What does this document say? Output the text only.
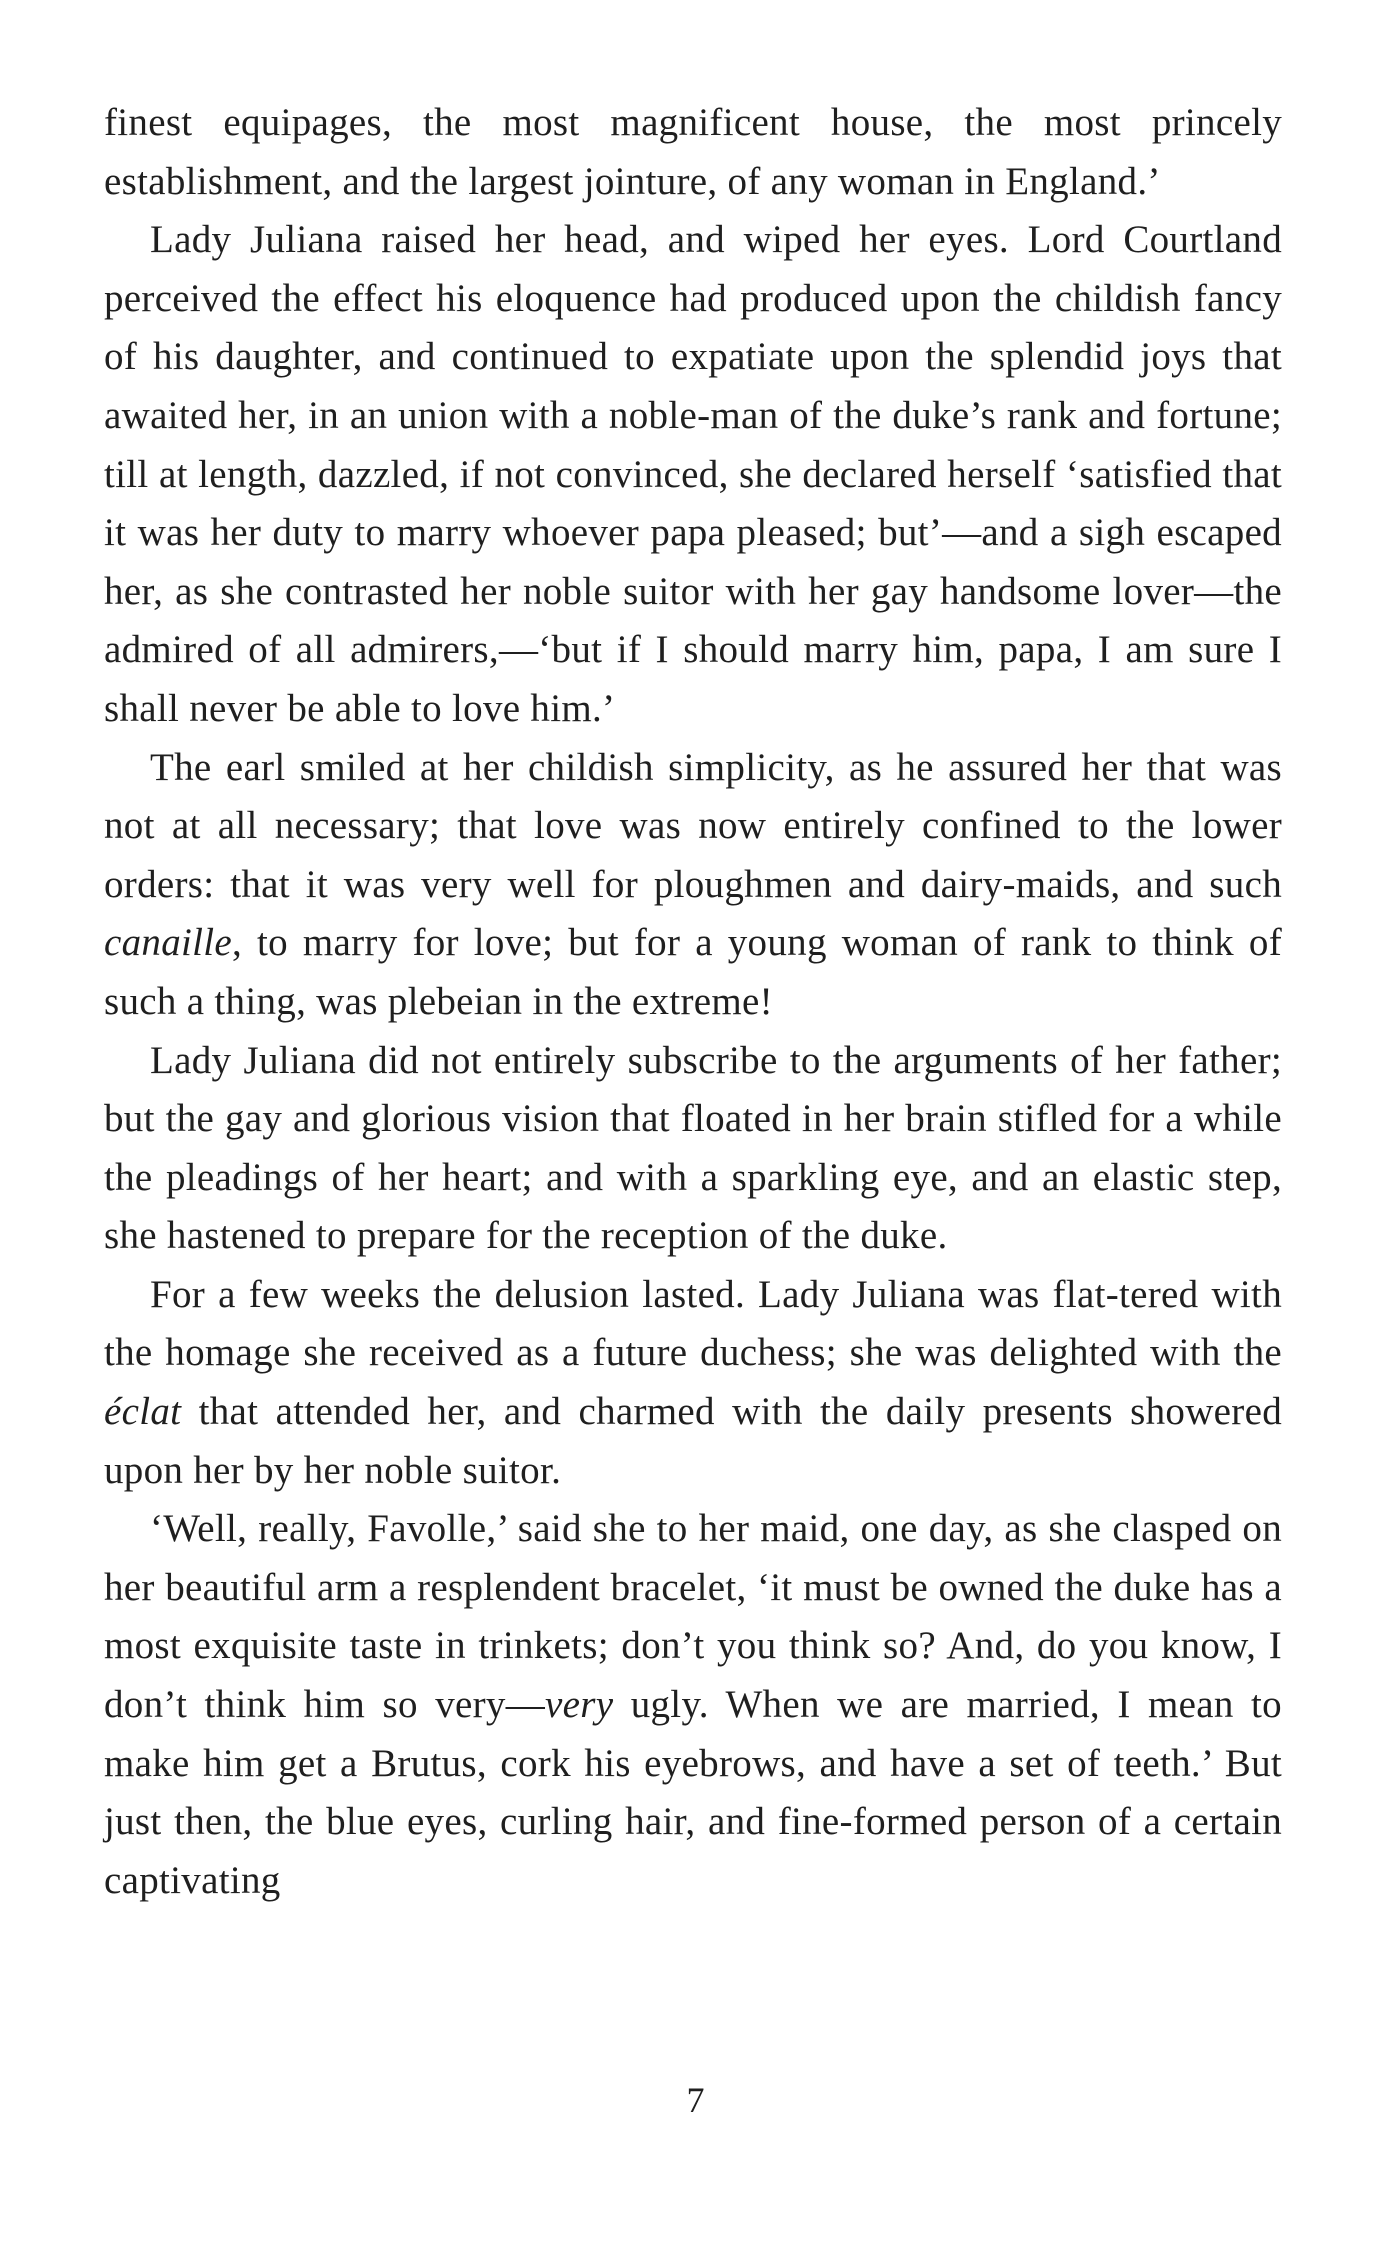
finest equipages, the most magnificent house, the most princely establishment, and the largest jointure, of any woman in England.’

Lady Juliana raised her head, and wiped her eyes. Lord Courtland perceived the effect his eloquence had produced upon the childish fancy of his daughter, and continued to expatiate upon the splendid joys that awaited her, in an union with a noble-man of the duke’s rank and fortune; till at length, dazzled, if not convinced, she declared herself ‘satisfied that it was her duty to marry whoever papa pleased; but’—and a sigh escaped her, as she contrasted her noble suitor with her gay handsome lover—the admired of all admirers,—‘but if I should marry him, papa, I am sure I shall never be able to love him.’

The earl smiled at her childish simplicity, as he assured her that was not at all necessary; that love was now entirely confined to the lower orders: that it was very well for ploughmen and dairy-maids, and such canaille, to marry for love; but for a young woman of rank to think of such a thing, was plebeian in the extreme!

Lady Juliana did not entirely subscribe to the arguments of her father; but the gay and glorious vision that floated in her brain stifled for a while the pleadings of her heart; and with a sparkling eye, and an elastic step, she hastened to prepare for the reception of the duke.

For a few weeks the delusion lasted. Lady Juliana was flat-tered with the homage she received as a future duchess; she was delighted with the éclat that attended her, and charmed with the daily presents showered upon her by her noble suitor.

‘Well, really, Favolle,’ said she to her maid, one day, as she clasped on her beautiful arm a resplendent bracelet, ‘it must be owned the duke has a most exquisite taste in trinkets; don’t you think so? And, do you know, I don’t think him so very—very ugly. When we are married, I mean to make him get a Brutus, cork his eyebrows, and have a set of teeth.’ But just then, the blue eyes, curling hair, and fine-formed person of a certain captivating

7
